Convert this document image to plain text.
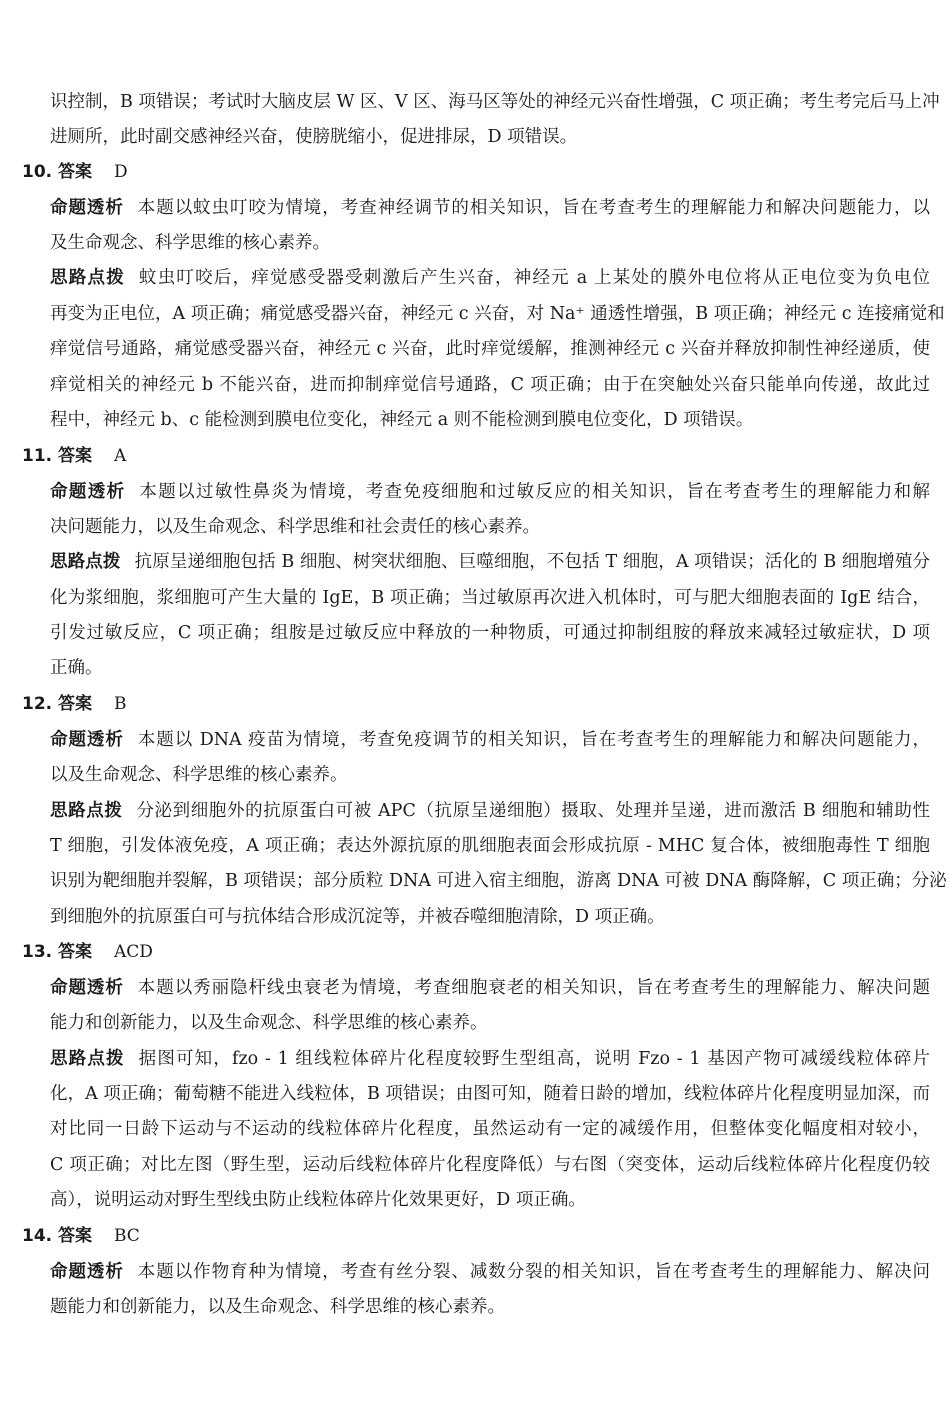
识控制，B 项错误；考试时大脑皮层 W 区、V 区、海马区等处的神经元兴奋性增强，C 项正确；考生考完后马上冲
进厕所，此时副交感神经兴奋，使膀胱缩小，促进排尿，D 项错误。
10. 答案 D
命题透析 本题以蚊虫叮咬为情境，考查神经调节的相关知识，旨在考查考生的理解能力和解决问题能力，以
及生命观念、科学思维的核心素养。
思路点拨 蚊虫叮咬后，痒觉感受器受刺激后产生兴奋，神经元 a 上某处的膜外电位将从正电位变为负电位
再变为正电位，A 项正确；痛觉感受器兴奋，神经元 c 兴奋，对 Na⁺ 通透性增强，B 项正确；神经元 c 连接痛觉和
痒觉信号通路，痛觉感受器兴奋，神经元 c 兴奋，此时痒觉缓解，推测神经元 c 兴奋并释放抑制性神经递质，使
痒觉相关的神经元 b 不能兴奋，进而抑制痒觉信号通路，C 项正确；由于在突触处兴奋只能单向传递，故此过
程中，神经元 b、c 能检测到膜电位变化，神经元 a 则不能检测到膜电位变化，D 项错误。
11. 答案 A
命题透析 本题以过敏性鼻炎为情境，考查免疫细胞和过敏反应的相关知识，旨在考查考生的理解能力和解
决问题能力，以及生命观念、科学思维和社会责任的核心素养。
思路点拨 抗原呈递细胞包括 B 细胞、树突状细胞、巨噬细胞，不包括 T 细胞，A 项错误；活化的 B 细胞增殖分
化为浆细胞，浆细胞可产生大量的 IgE，B 项正确；当过敏原再次进入机体时，可与肥大细胞表面的 IgE 结合，
引发过敏反应，C 项正确；组胺是过敏反应中释放的一种物质，可通过抑制组胺的释放来减轻过敏症状，D 项
正确。
12. 答案 B
命题透析 本题以 DNA 疫苗为情境，考查免疫调节的相关知识，旨在考查考生的理解能力和解决问题能力，
以及生命观念、科学思维的核心素养。
思路点拨 分泌到细胞外的抗原蛋白可被 APC（抗原呈递细胞）摄取、处理并呈递，进而激活 B 细胞和辅助性
T 细胞，引发体液免疫，A 项正确；表达外源抗原的肌细胞表面会形成抗原 - MHC 复合体，被细胞毒性 T 细胞
识别为靶细胞并裂解，B 项错误；部分质粒 DNA 可进入宿主细胞，游离 DNA 可被 DNA 酶降解，C 项正确；分泌
到细胞外的抗原蛋白可与抗体结合形成沉淀等，并被吞噬细胞清除，D 项正确。
13. 答案 ACD
命题透析 本题以秀丽隐杆线虫衰老为情境，考查细胞衰老的相关知识，旨在考查考生的理解能力、解决问题
能力和创新能力，以及生命观念、科学思维的核心素养。
思路点拨 据图可知，fzo - 1 组线粒体碎片化程度较野生型组高，说明 Fzo - 1 基因产物可减缓线粒体碎片
化，A 项正确；葡萄糖不能进入线粒体，B 项错误；由图可知，随着日龄的增加，线粒体碎片化程度明显加深，而
对比同一日龄下运动与不运动的线粒体碎片化程度，虽然运动有一定的减缓作用，但整体变化幅度相对较小，
C 项正确；对比左图（野生型，运动后线粒体碎片化程度降低）与右图（突变体，运动后线粒体碎片化程度仍较
高），说明运动对野生型线虫防止线粒体碎片化效果更好，D 项正确。
14. 答案 BC
命题透析 本题以作物育种为情境，考查有丝分裂、减数分裂的相关知识，旨在考查考生的理解能力、解决问
题能力和创新能力，以及生命观念、科学思维的核心素养。
